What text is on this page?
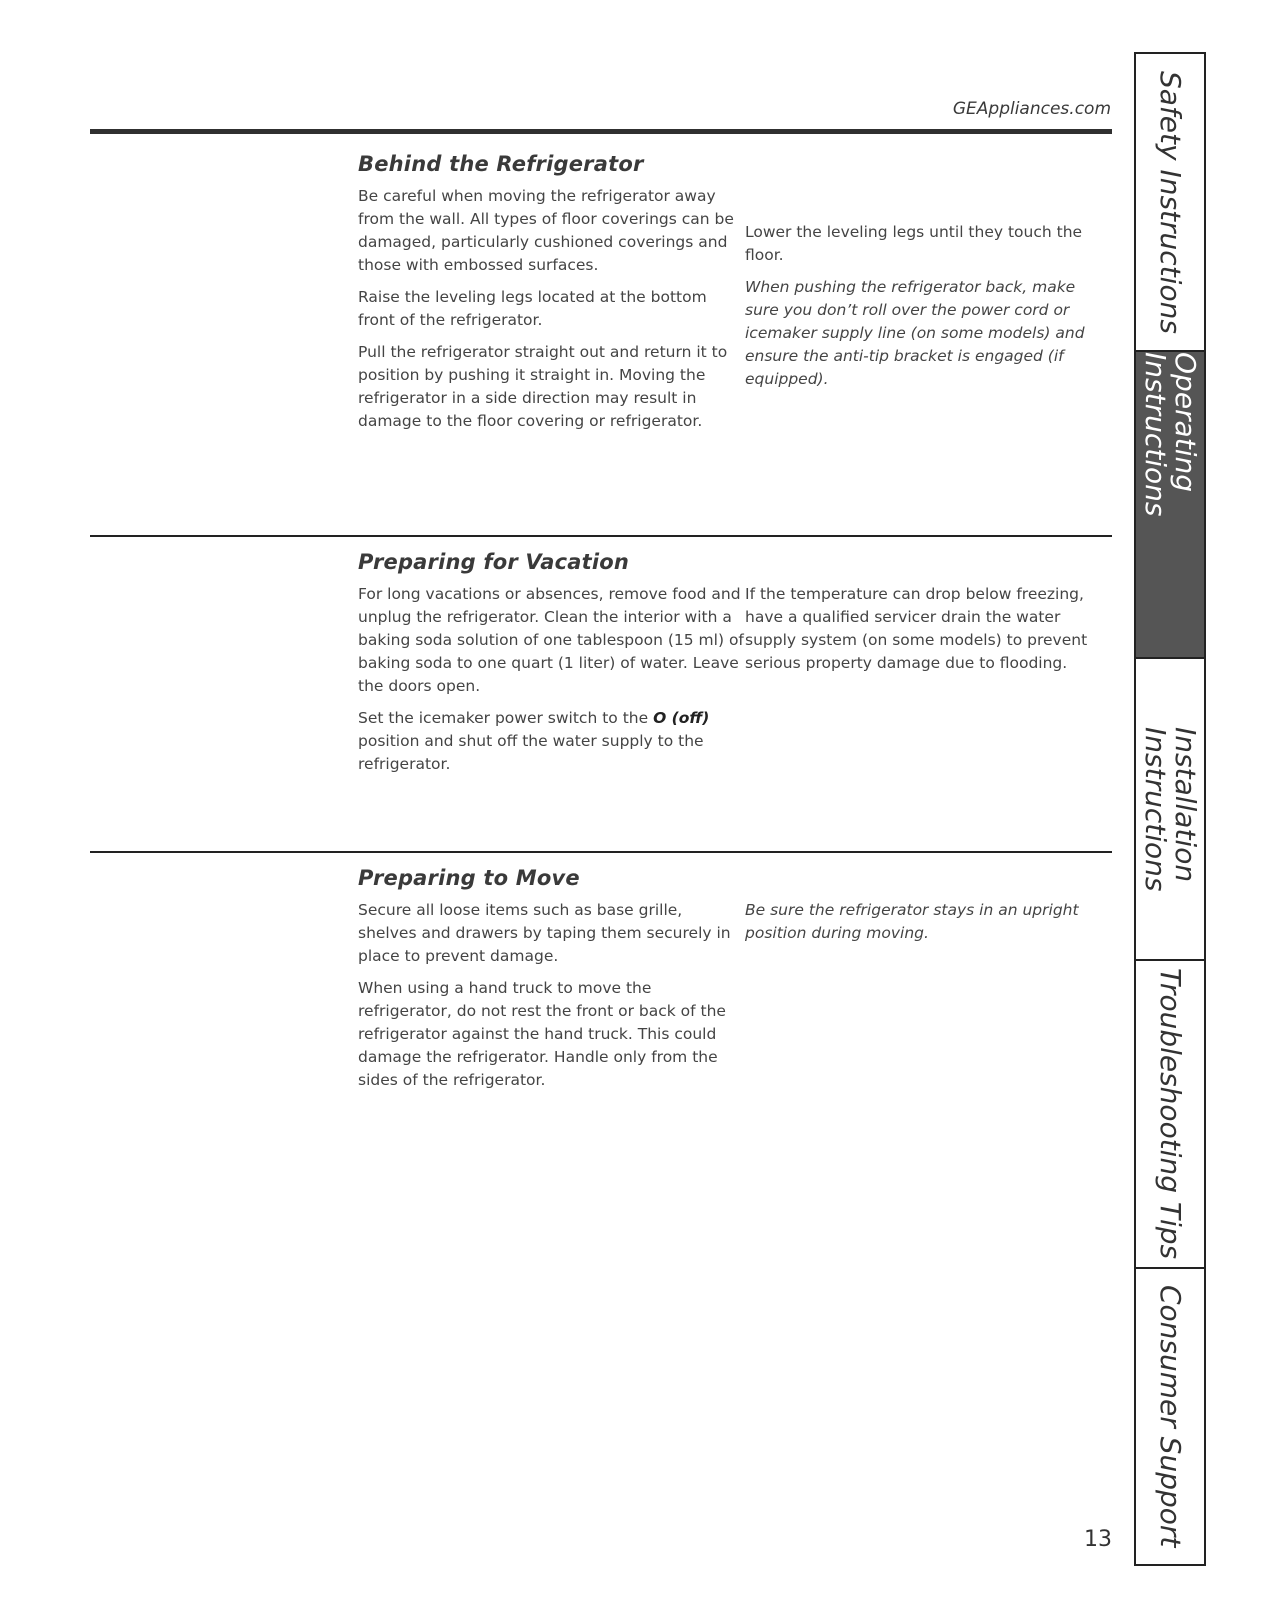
GEAppliances.com
Behind the Refrigerator

Be careful when moving the refrigerator away from the wall. All types of floor coverings can be damaged, particularly cushioned coverings and those with embossed surfaces.

Raise the leveling legs located at the bottom front of the refrigerator.

Pull the refrigerator straight out and return it to position by pushing it straight in. Moving the refrigerator in a side direction may result in damage to the floor covering or refrigerator.

Lower the leveling legs until they touch the floor.

When pushing the refrigerator back, make sure you don’t roll over the power cord or icemaker supply line (on some models) and ensure the anti-tip bracket is engaged (if equipped).

Preparing for Vacation

For long vacations or absences, remove food and unplug the refrigerator. Clean the interior with a baking soda solution of one tablespoon (15 ml) of baking soda to one quart (1 liter) of water. Leave the doors open.

Set the icemaker power switch to the O (off) position and shut off the water supply to the refrigerator.

If the temperature can drop below freezing, have a qualified servicer drain the water supply system (on some models) to prevent serious property damage due to flooding.

Preparing to Move

Secure all loose items such as base grille, shelves and drawers by taping them securely in place to prevent damage.

When using a hand truck to move the refrigerator, do not rest the front or back of the refrigerator against the hand truck. This could damage the refrigerator. Handle only from the sides of the refrigerator.

Be sure the refrigerator stays in an upright position during moving.

Safety Instructions
Operating Instructions
Installation
Instructions
Troubleshooting Tips
Consumer Support
13
